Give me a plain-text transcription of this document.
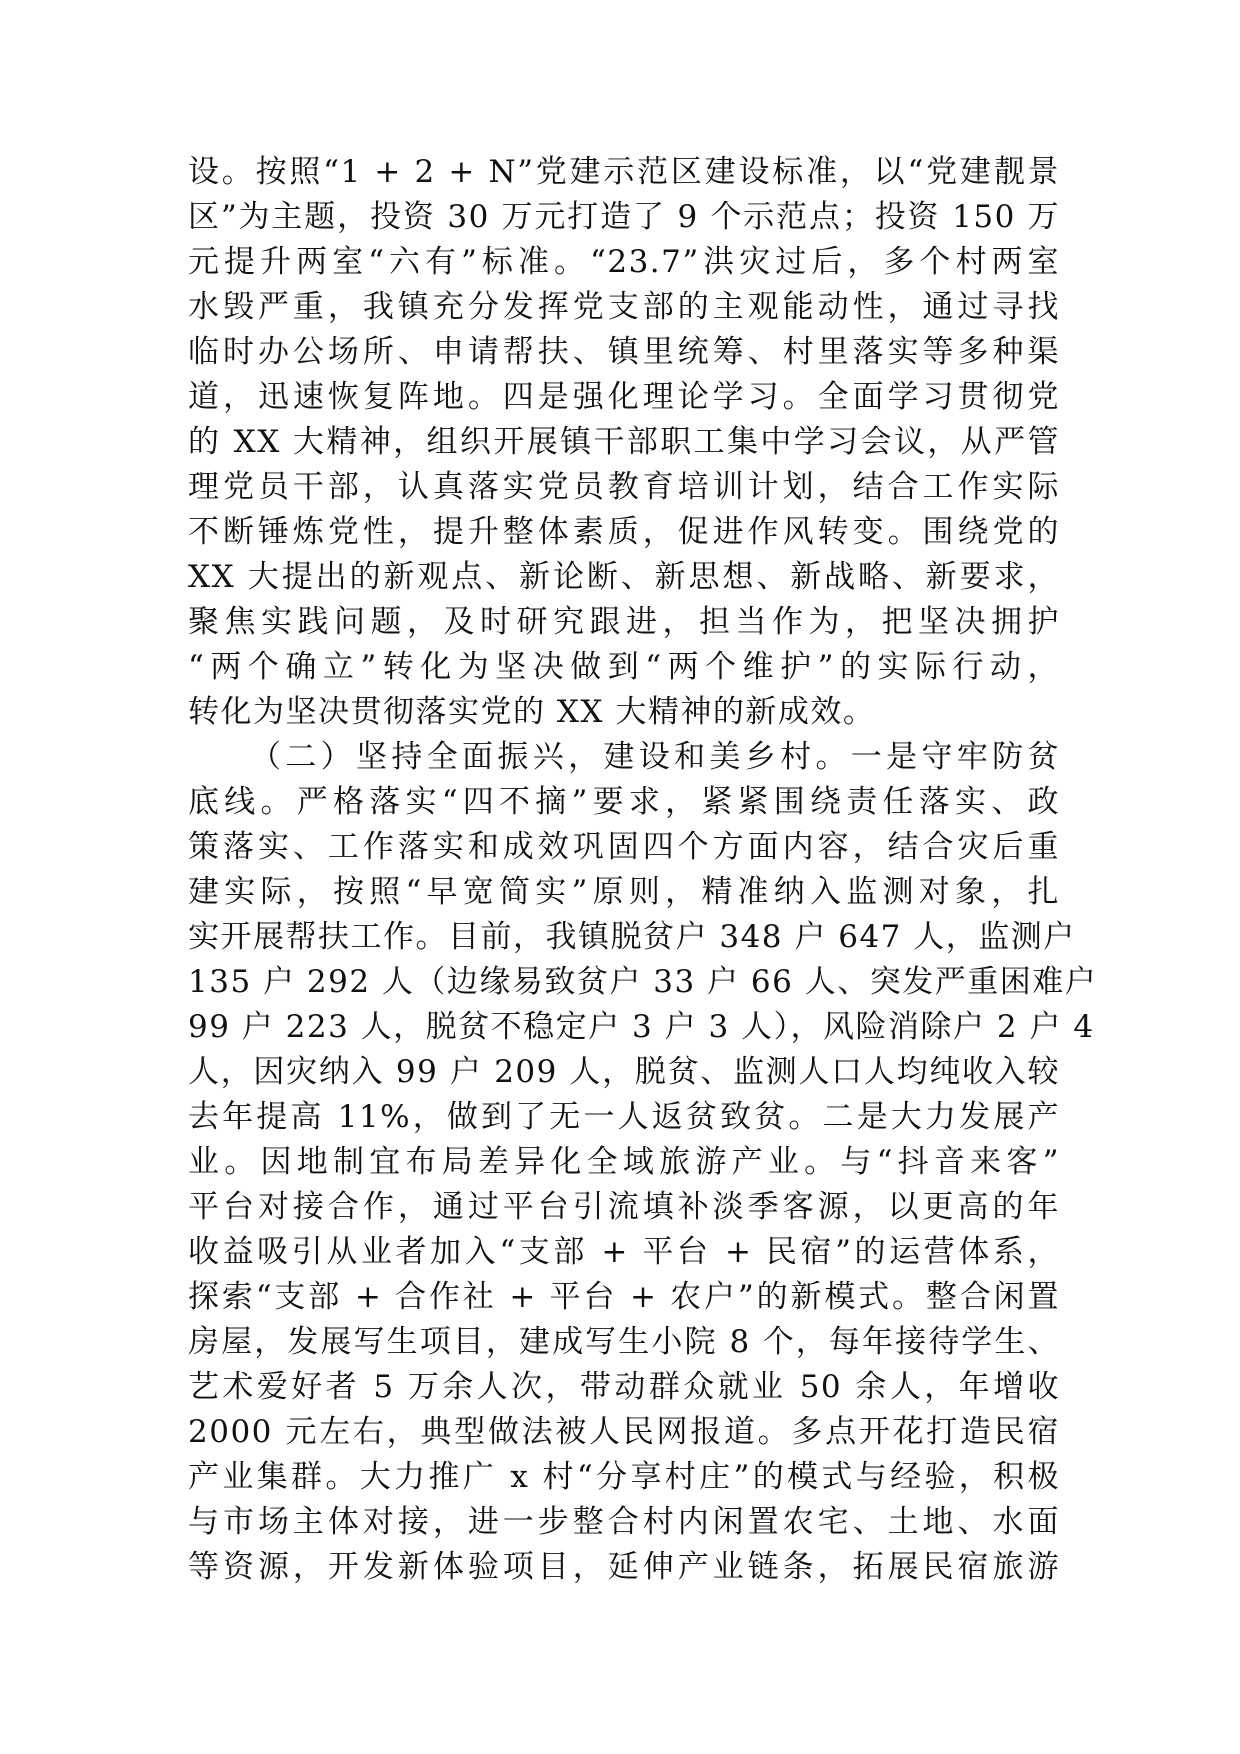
设。按照“1 + 2 + N”党建示范区建设标准，以“党建靓景
区”为主题，投资 30 万元打造了 9 个示范点；投资 150 万
元提升两室“六有”标准。“23.7”洪灾过后，多个村两室
水毁严重，我镇充分发挥党支部的主观能动性，通过寻找
临时办公场所、申请帮扶、镇里统筹、村里落实等多种渠
道，迅速恢复阵地。四是强化理论学习。全面学习贯彻党
的 XX 大精神，组织开展镇干部职工集中学习会议，从严管
理党员干部，认真落实党员教育培训计划，结合工作实际
不断锤炼党性，提升整体素质，促进作风转变。围绕党的
XX 大提出的新观点、新论断、新思想、新战略、新要求，
聚焦实践问题，及时研究跟进，担当作为，把坚决拥护
“两个确立”转化为坚决做到“两个维护”的实际行动，
转化为坚决贯彻落实党的 XX 大精神的新成效。
（二）坚持全面振兴，建设和美乡村。一是守牢防贫
底线。严格落实“四不摘”要求，紧紧围绕责任落实、政
策落实、工作落实和成效巩固四个方面内容，结合灾后重
建实际，按照“早宽简实”原则，精准纳入监测对象，扎
实开展帮扶工作。目前，我镇脱贫户 348 户 647 人，监测户
135 户 292 人（边缘易致贫户 33 户 66 人、突发严重困难户
99 户 223 人，脱贫不稳定户 3 户 3 人），风险消除户 2 户 4
人，因灾纳入 99 户 209 人，脱贫、监测人口人均纯收入较
去年提高 11%，做到了无一人返贫致贫。二是大力发展产
业。因地制宜布局差异化全域旅游产业。与“抖音来客”
平台对接合作，通过平台引流填补淡季客源，以更高的年
收益吸引从业者加入“支部 + 平台 + 民宿”的运营体系，
探索“支部 + 合作社 + 平台 + 农户”的新模式。整合闲置
房屋，发展写生项目，建成写生小院 8 个，每年接待学生、
艺术爱好者 5 万余人次，带动群众就业 50 余人，年增收
2000 元左右，典型做法被人民网报道。多点开花打造民宿
产业集群。大力推广 x 村“分享村庄”的模式与经验，积极
与市场主体对接，进一步整合村内闲置农宅、土地、水面
等资源，开发新体验项目，延伸产业链条，拓展民宿旅游
